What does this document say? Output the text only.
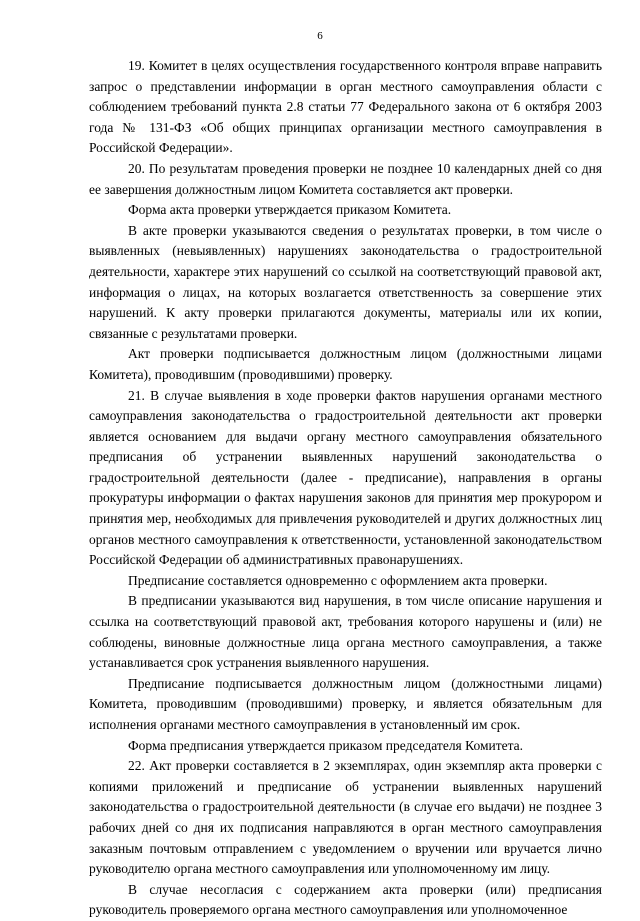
6

19. Комитет в целях осуществления государственного контроля вправе направить запрос о представлении информации в орган местного самоуправления области с соблюдением требований пункта 2.8 статьи 77 Федерального закона от 6 октября 2003 года № 131-ФЗ «Об общих принципах организации местного самоуправления в Российской Федерации».

20. По результатам проведения проверки не позднее 10 календарных дней со дня ее завершения должностным лицом Комитета составляется акт проверки.

Форма акта проверки утверждается приказом Комитета.

В акте проверки указываются сведения о результатах проверки, в том числе о выявленных (невыявленных) нарушениях законодательства о градостроительной деятельности, характере этих нарушений со ссылкой на соответствующий правовой акт, информация о лицах, на которых возлагается ответственность за совершение этих нарушений. К акту проверки прилагаются документы, материалы или их копии, связанные с результатами проверки.

Акт проверки подписывается должностным лицом (должностными лицами Комитета), проводившим (проводившими) проверку.

21. В случае выявления в ходе проверки фактов нарушения органами местного самоуправления законодательства о градостроительной деятельности акт проверки является основанием для выдачи органу местного самоуправления обязательного предписания об устранении выявленных нарушений законодательства о градостроительной деятельности (далее - предписание), направления в органы прокуратуры информации о фактах нарушения законов для принятия мер прокурором и принятия мер, необходимых для привлечения руководителей и других должностных лиц органов местного самоуправления к ответственности, установленной законодательством Российской Федерации об административных правонарушениях.

Предписание составляется одновременно с оформлением акта проверки.

В предписании указываются вид нарушения, в том числе описание нарушения и ссылка на соответствующий правовой акт, требования которого нарушены и (или) не соблюдены, виновные должностные лица органа местного самоуправления, а также устанавливается срок устранения выявленного нарушения.

Предписание подписывается должностным лицом (должностными лицами) Комитета, проводившим (проводившими) проверку, и является обязательным для исполнения органами местного самоуправления в установленный им срок.

Форма предписания утверждается приказом председателя Комитета.

22. Акт проверки составляется в 2 экземплярах, один экземпляр акта проверки с копиями приложений и предписание об устранении выявленных нарушений законодательства о градостроительной деятельности (в случае его выдачи) не позднее 3 рабочих дней со дня их подписания направляются в орган местного самоуправления заказным почтовым отправлением с уведомлением о вручении или вручается лично руководителю органа местного самоуправления или уполномоченному им лицу.

В случае несогласия с содержанием акта проверки (или) предписания руководитель проверяемого органа местного самоуправления или уполномоченное
